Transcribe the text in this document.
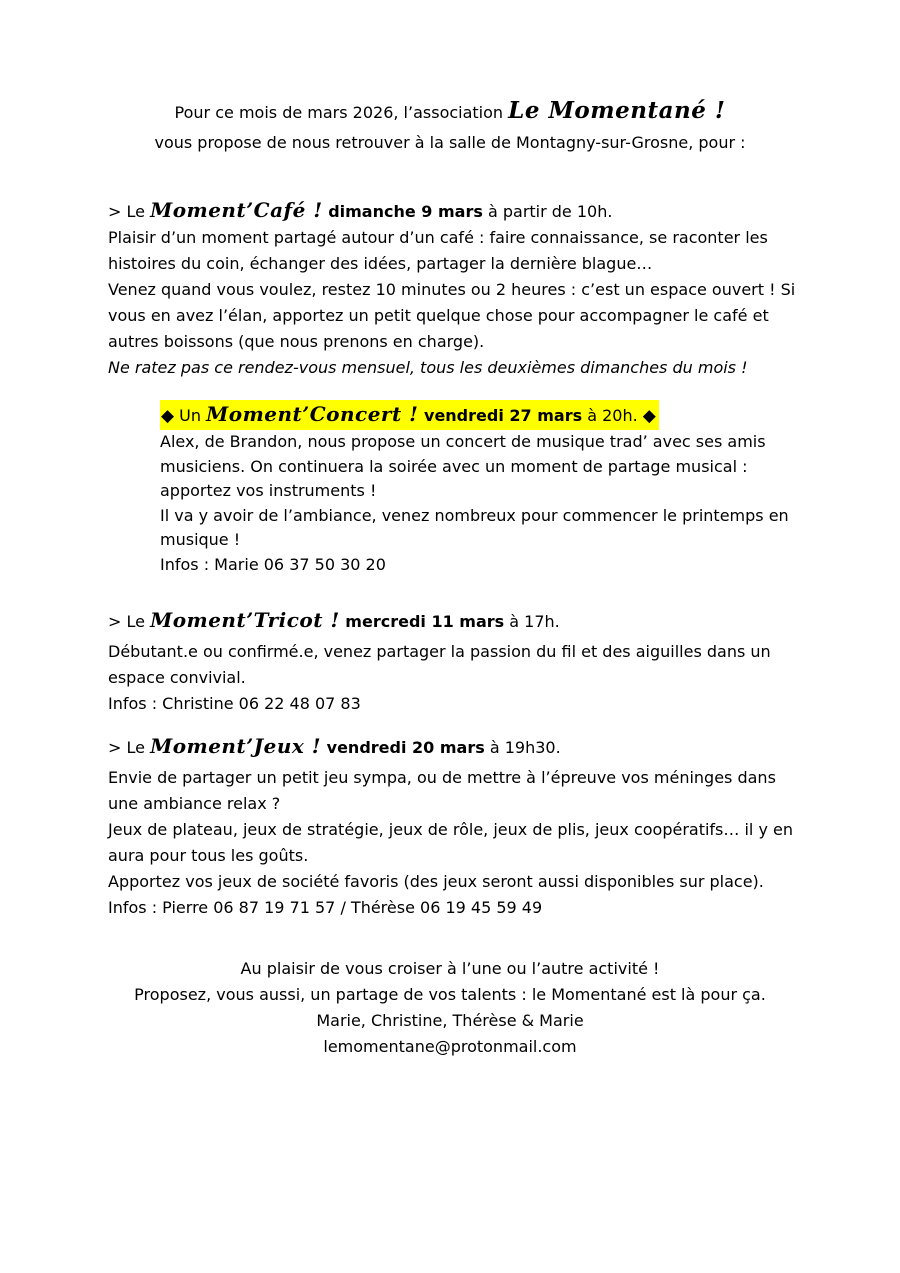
Pour ce mois de mars 2026, l’association Le Momentané !
vous propose de nous retrouver à la salle de Montagny-sur-Grosne, pour :
> Le Moment’Café ! dimanche 9 mars à partir de 10h.

Plaisir d’un moment partagé autour d’un café : faire connaissance, se raconter les histoires du coin, échanger des idées, partager la dernière blague…

Venez quand vous voulez, restez 10 minutes ou 2 heures : c’est un espace ouvert ! Si vous en avez l’élan, apportez un petit quelque chose pour accompagner le café et autres boissons (que nous prenons en charge).

Ne ratez pas ce rendez-vous mensuel, tous les deuxièmes dimanches du mois !

◆ Un Moment’Concert ! vendredi 27 mars à 20h. ◆

Alex, de Brandon, nous propose un concert de musique trad’ avec ses amis musiciens. On continuera la soirée avec un moment de partage musical : apportez vos instruments !

Il va y avoir de l’ambiance, venez nombreux pour commencer le printemps en musique !

Infos : Marie 06 37 50 30 20

> Le Moment’Tricot ! mercredi 11 mars à 17h.

Débutant.e ou confirmé.e, venez partager la passion du fil et des aiguilles dans un espace convivial.

Infos : Christine 06 22 48 07 83

> Le Moment’Jeux ! vendredi 20 mars à 19h30.

Envie de partager un petit jeu sympa, ou de mettre à l’épreuve vos méninges dans une ambiance relax ?

Jeux de plateau, jeux de stratégie, jeux de rôle, jeux de plis, jeux coopératifs… il y en aura pour tous les goûts.

Apportez vos jeux de société favoris (des jeux seront aussi disponibles sur place).

Infos : Pierre 06 87 19 71 57 / Thérèse 06 19 45 59 49

Au plaisir de vous croiser à l’une ou l’autre activité !
Proposez, vous aussi, un partage de vos talents : le Momentané est là pour ça.
Marie, Christine, Thérèse & Marie
lemomentane@protonmail.com
